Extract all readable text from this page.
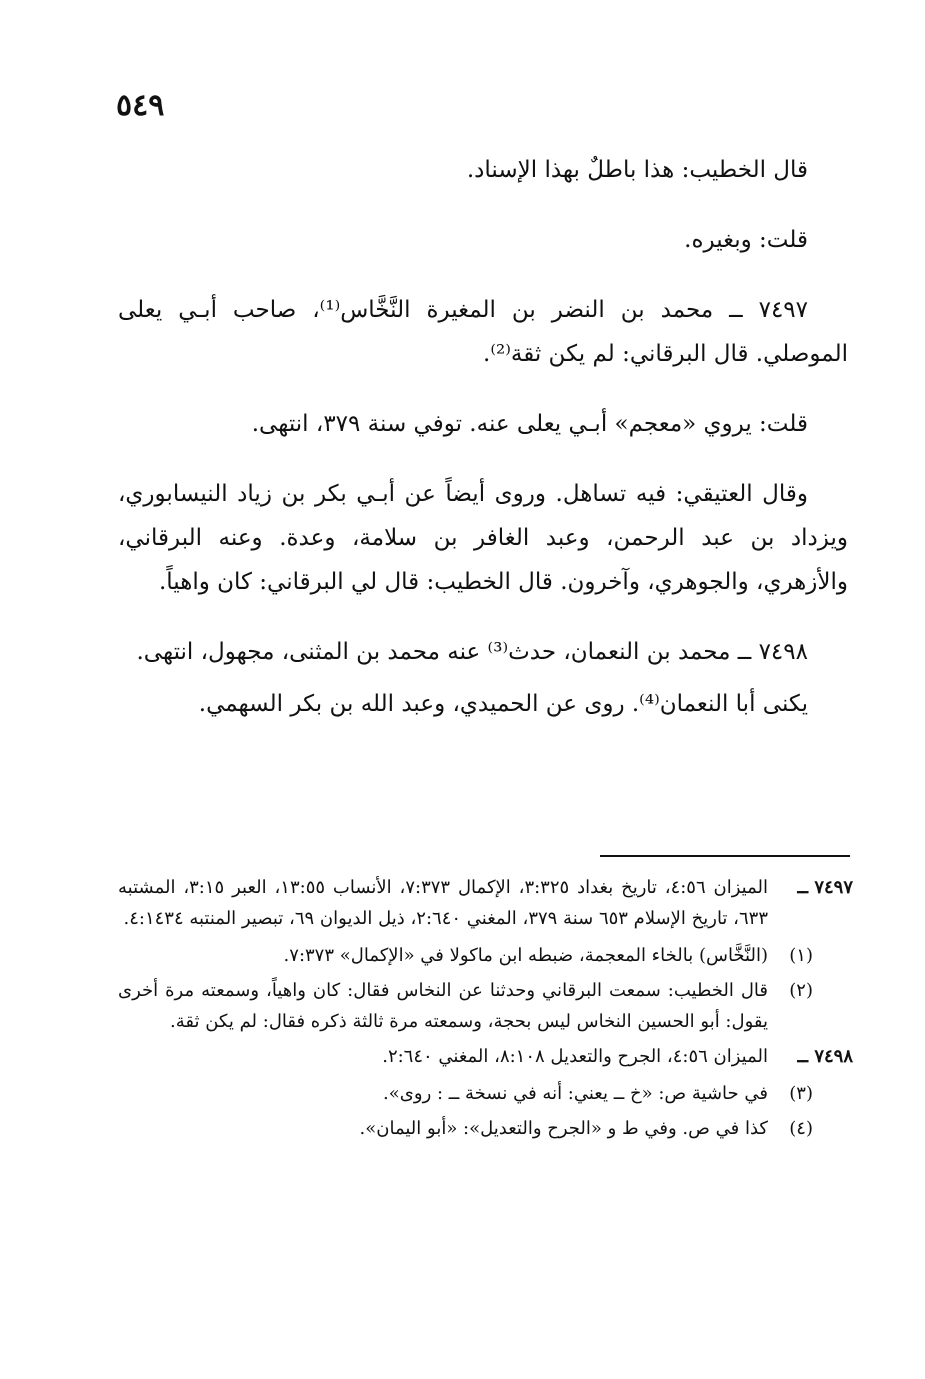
٥٤٩

قال الخطيب: هذا باطلٌ بهذا الإسناد.

قلت: وبغيره.

٧٤٩٧ ــ محمد بن النضر بن المغيرة النَّخَّاس⁽¹⁾، صاحب أبـي يعلى الموصلي. قال البرقاني: لم يكن ثقة⁽²⁾.

قلت: يروي «معجم» أبـي يعلى عنه. توفي سنة ٣٧٩، انتهى.

وقال العتيقي: فيه تساهل. وروى أيضاً عن أبـي بكر بن زياد النيسابوري، ويزداد بن عبد الرحمن، وعبد الغافر بن سلامة، وعدة. وعنه البرقاني، والأزهري، والجوهري، وآخرون. قال الخطيب: قال لي البرقاني: كان واهياً.

٧٤٩٨ ــ محمد بن النعمان، حدث⁽³⁾ عنه محمد بن المثنى، مجهول، انتهى.

يكنى أبا النعمان⁽⁴⁾. روى عن الحميدي، وعبد الله بن بكر السهمي.

٧٤٩٧ ــالميزان ٤:٥٦، تاريخ بغداد ٣:٣٢٥، الإكمال ٧:٣٧٣، الأنساب ١٣:٥٥، العبر ٣:١٥، المشتبه ٦٣٣، تاريخ الإسلام ٦٥٣ سنة ٣٧٩، المغني ٢:٦٤٠، ذيل الديوان ٦٩، تبصير المنتبه ٤:١٤٣٤.

(١)
(النَّخَّاس) بالخاء المعجمة، ضبطه ابن ماكولا في «الإكمال» ٧:٣٧٣.

(٢)
قال الخطيب: سمعت البرقاني وحدثنا عن النخاس فقال: كان واهياً، وسمعته مرة أخرى يقول: أبو الحسين النخاس ليس بحجة، وسمعته مرة ثالثة ذكره فقال: لم يكن ثقة.

٧٤٩٨ ــالميزان ٤:٥٦، الجرح والتعديل ٨:١٠٨، المغني ٢:٦٤٠.

(٣)
في حاشية ص: «خ ــ يعني: أنه في نسخة ــ : روى».

(٤)
كذا في ص. وفي ط و «الجرح والتعديل»: «أبو اليمان».
